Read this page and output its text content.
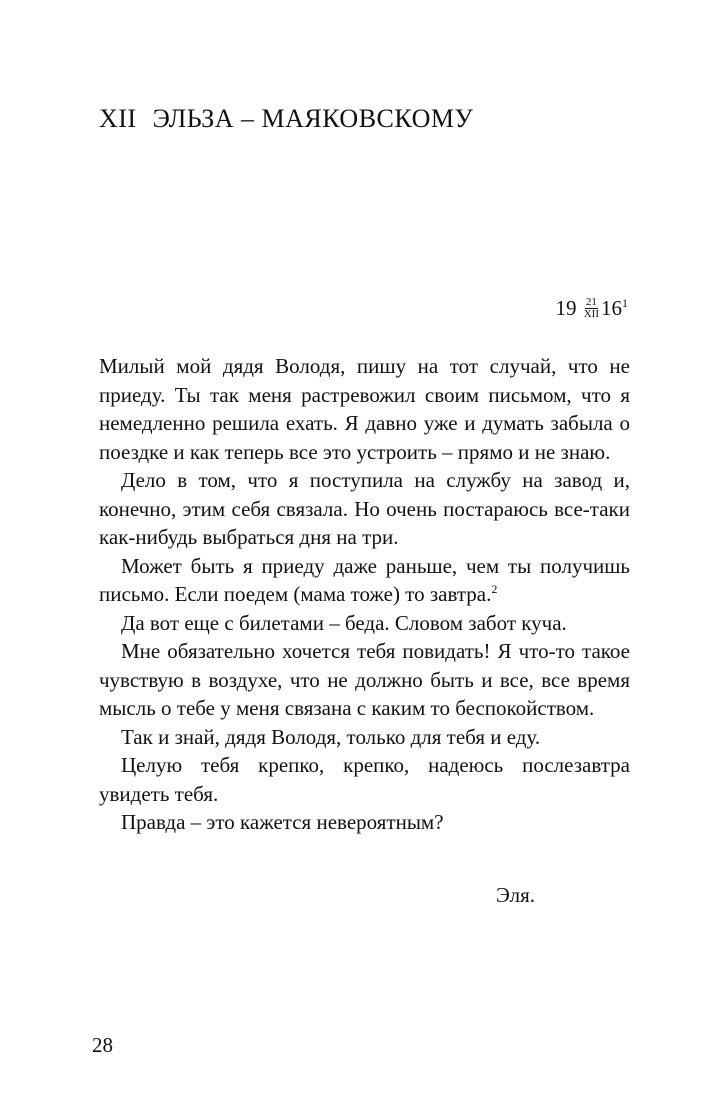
XII ЭЛЬЗА – МАЯКОВСКОМУ
$19 \frac{21}{\text{XII}} 16^1$

Милый мой дядя Володя, пишу на тот случай, что не приеду. Ты так меня растревожил своим письмом, что я немедленно решила ехать. Я давно уже и думать забыла о поездке и как теперь все это устроить – прямо и не знаю.

Дело в том, что я поступила на службу на завод и, конечно, этим себя связала. Но очень постараюсь все-таки как-нибудь выбраться дня на три.

Может быть я приеду даже раньше, чем ты получишь письмо. Если поедем (мама тоже) то завтра.$^2$

Да вот еще с билетами – беда. Словом забот куча.

Мне обязательно хочется тебя повидать! Я что-то такое чувствую в воздухе, что не должно быть и все, все время мысль о тебе у меня связана с каким то беспокойством.

Так и знай, дядя Володя, только для тебя и еду.

Целую тебя крепко, крепко, надеюсь послезавтра увидеть тебя.

Правда – это кажется невероятным?

Эля.
28
